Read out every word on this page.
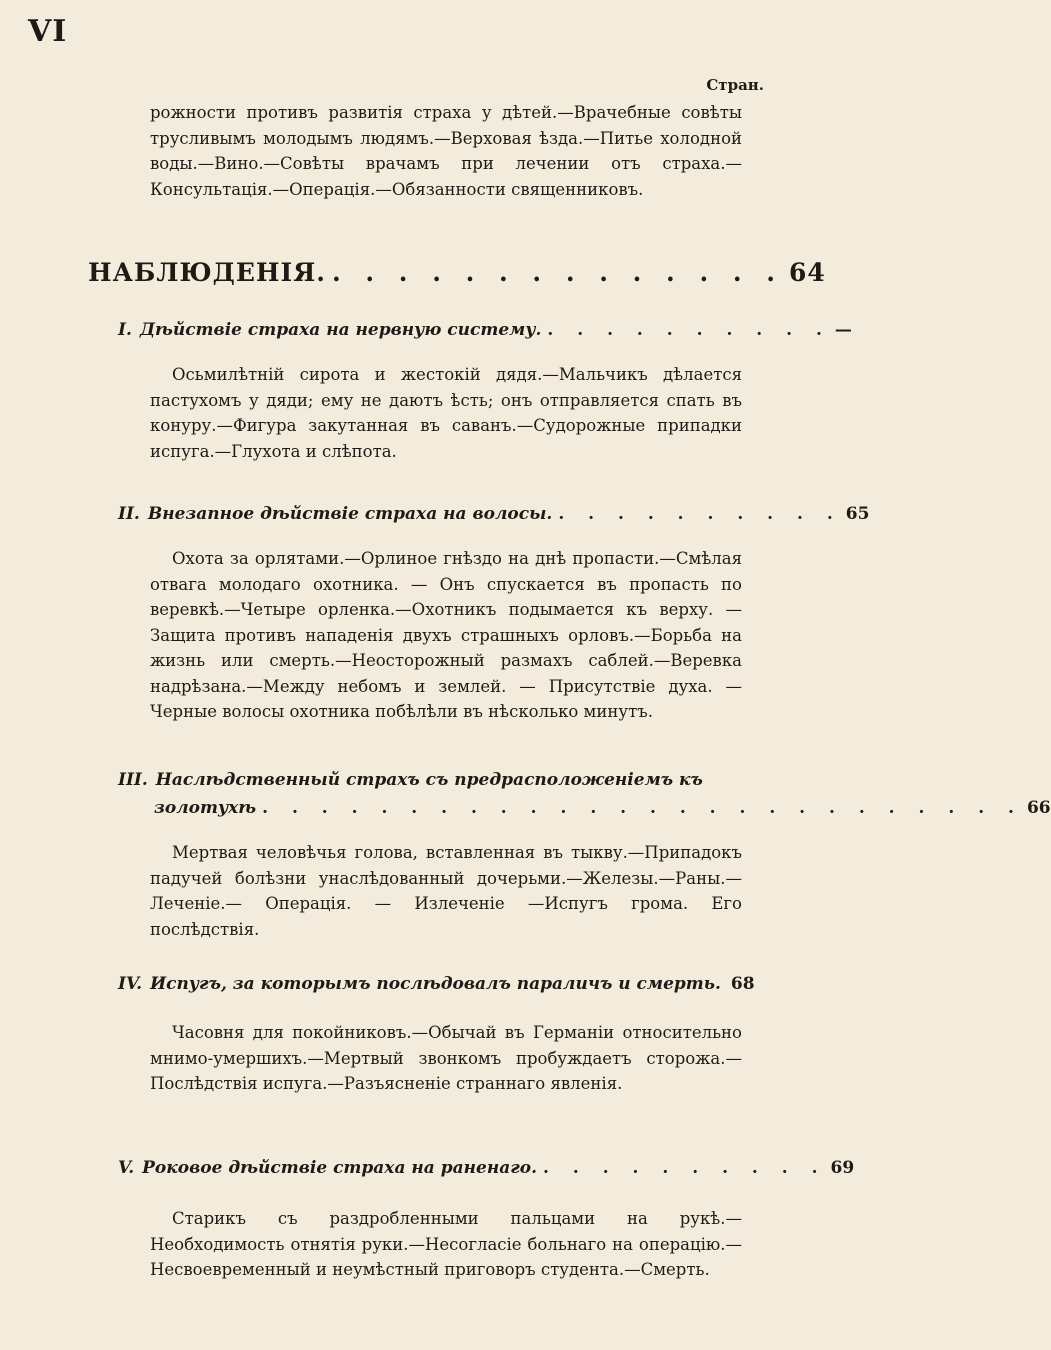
VI
Стран.
рожности противъ развитія страха у дѣтей.—Врачебные совѣты трусливымъ молодымъ людямъ.—Верховая ѣзда.—Питье холодной воды.—Вино.—Совѣты врачамъ при лечении отъ страха.—Консультація.—Операція.—Обязанности священниковъ.
НАБЛЮДЕНІЯ. . . . . . . . . . . . . . . 64
I. Дѣйствіе страха на нервную систему. . . . . . . . . . . —
Осьмилѣтній сирота и жестокій дядя.—Мальчикъ дѣлается пастухомъ у дяди; ему не даютъ ѣсть; онъ отправляется спать въ конуру.—Фигура закутанная въ саванъ.—Судорожные припадки испуга.—Глухота и слѣпота.
II. Внезапное дѣйствіе страха на волосы. . . . . . . . . . . 65
Охота за орлятами.—Орлиное гнѣздо на днѣ пропасти.—Смѣлая отвага молодаго охотника. — Онъ спускается въ пропасть по веревкѣ.—Четыре орленка.—Охотникъ подымается къ верху. — Защита противъ нападенія двухъ страшныхъ орловъ.—Борьба на жизнь или смерть.—Неосторожный размахъ саблей.—Веревка надрѣзана.—Между небомъ и землей. — Присутствіе духа. — Черные волосы охотника побѣлѣли въ нѣсколько минутъ.
III. Наслѣдственный страхъ съ предрасположеніемъ къ
золотухѣ . . . . . . . . . . . . . . . . . . . . . . . . . . 66
Мертвая человѣчья голова, вставленная въ тыкву.—Припадокъ падучей болѣзни унаслѣдованный дочерьми.—Железы.—Раны.—Леченіе.— Операція. — Излеченіе —Испугъ грома. Его послѣдствія.
IV. Испугъ, за которымъ послѣдовалъ параличъ и смерть. 68
Часовня для покойниковъ.—Обычай въ Германіи относительно мнимо-умершихъ.—Мертвый звонкомъ пробуждаетъ сторожа.—Послѣдствія испуга.—Разъясненіе страннаго явленія.
V. Роковое дѣйствіе страха на раненаго. . . . . . . . . . . 69
Старикъ съ раздробленными пальцами на рукѣ.—Необходимость отнятія руки.—Несогласіе больнаго на операцію.—Несвоевременный и неумѣстный приговоръ студента.—Смерть.
